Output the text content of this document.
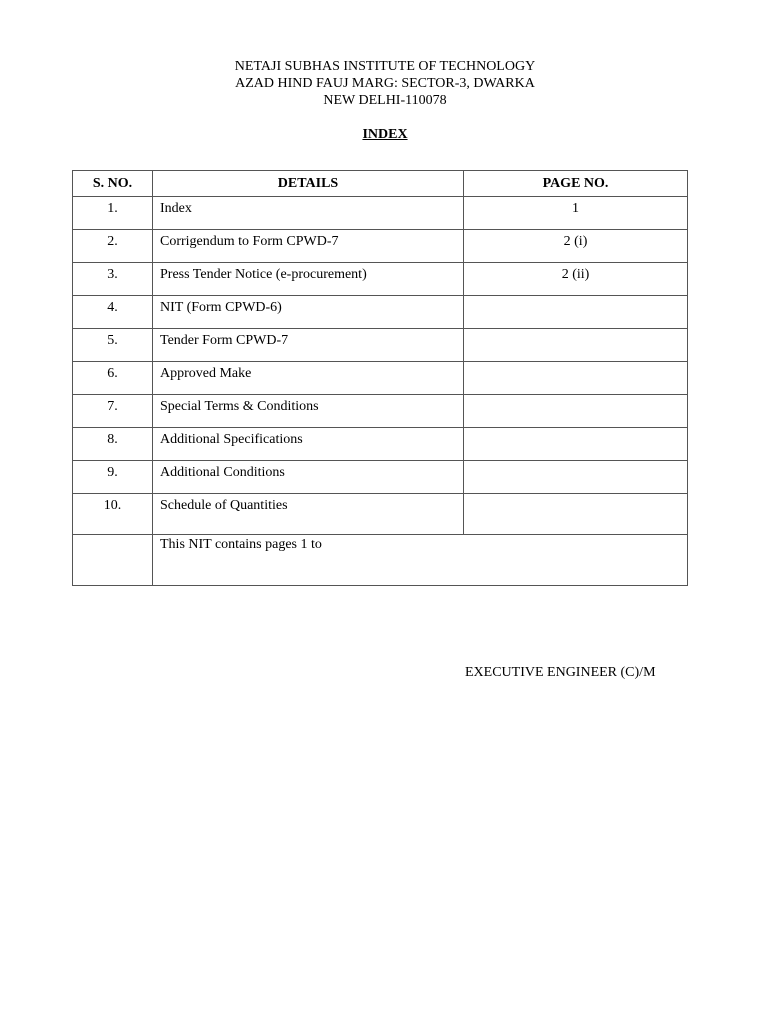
NETAJI SUBHAS INSTITUTE OF TECHNOLOGY
AZAD HIND FAUJ MARG: SECTOR-3, DWARKA
NEW DELHI-110078
INDEX
S. NO.	DETAILS	PAGE NO.
1.	Index	1
2.	Corrigendum to Form CPWD-7	2 (i)
3.	Press Tender Notice (e-procurement)	2 (ii)
4.	NIT (Form CPWD-6)	
5.	Tender Form CPWD-7	
6.	Approved Make	
7.	Special Terms & Conditions	
8.	Additional Specifications	
9.	Additional Conditions	
10.	Schedule of Quantities	
	This NIT contains pages 1 to	
EXECUTIVE ENGINEER (C)/M
